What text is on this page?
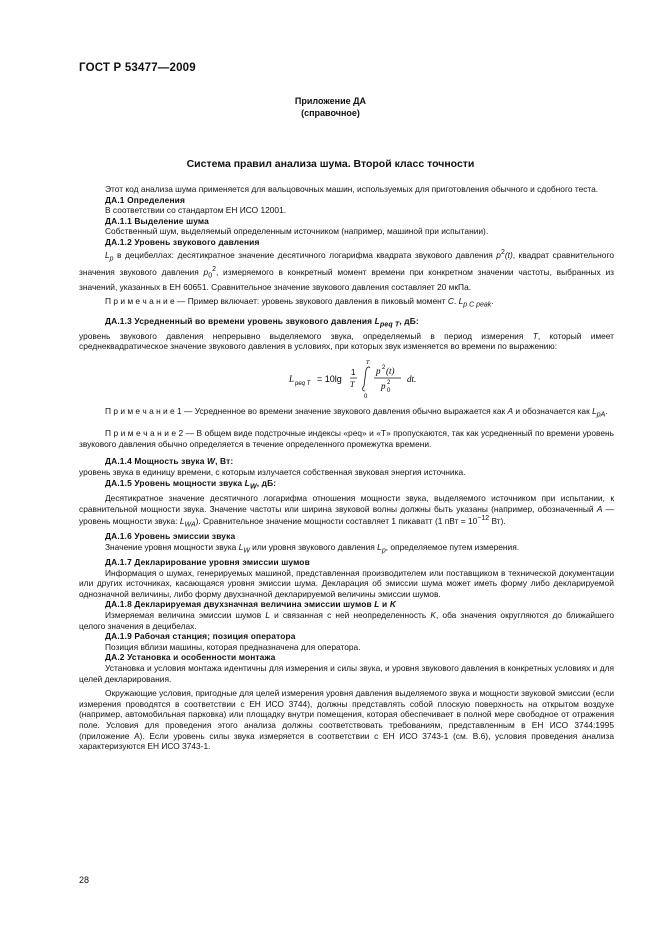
ГОСТ Р 53477—2009
Приложение ДА
(справочное)
Система правил анализа шума. Второй класс точности

Этот код анализа шума применяется для вальцовочных машин, используемых для приготовления обычного и сдобного теста.

ДА.1 Определения

В соответствии со стандартом ЕН ИСО 12001.

ДА.1.1 Выделение шума

Собственный шум, выделяемый определенным источником (например, машиной при испытании).

ДА.1.2 Уровень звукового давления

$L_p$ в децибеллах: десятикратное значение десятичного логарифма квадрата звукового давления $p^2(t)$, квадрат сравнительного значения звукового давления $p_0^2$, измеряемого в конкретный момент времени при конкретном значении частоты, выбранных из значений, указанных в ЕН 60651. Сравнительное значение звукового давления составляет 20 мкПа.

П р и м е ч а н и е — Пример включает: уровень звукового давления в пиковый момент C. $L_{p C peak}$.

ДА.1.3 Усредненный во времени уровень звукового давления $L_{peq T}$, дБ:

уровень звукового давления непрерывно выделяемого звука, определяемый в период измерения T, который имеет среднеквадратическое значение звукового давления в условиях, при которых звук изменяется во времени по выражению:

L peq T = 10lg
1
T
T
0
p 2 (t)
p 2
0
dt.

П р и м е ч а н и е 1 — Усредненное во времени значение звукового давления обычно выражается как A и обозначается как $L_{pA}$.

П р и м е ч а н и е 2 — В общем виде подстрочные индексы «peq» и «T» пропускаются, так как усредненный по времени уровень звукового давления обычно определяется в течение определенного промежутка времени.

ДА.1.4 Мощность звука W, Вт:

уровень звука в единицу времени, с которым излучается собственная звуковая энергия источника.

ДА.1.5 Уровень мощности звука $L_W$, дБ:

Десятикратное значение десятичного логарифма отношения мощности звука, выделяемого источником при испытании, к сравнительной мощности звука. Значение частоты или ширина звуковой волны должны быть указаны (например, обозначенный A — уровень мощности звука: $L_{WA}$). Сравнительное значение мощности составляет 1 пикаватт (1 пВт = $10^{-12}$ Вт).

ДА.1.6 Уровень эмиссии звука

Значение уровня мощности звука $L_W$ или уровня звукового давления $L_p$, определяемое путем измерения.

ДА.1.7 Декларирование уровня эмиссии шумов

Информация о шумах, генерируемых машиной, представленная производителем или поставщиком в технической документации или других источниках, касающаяся уровня эмиссии шума. Декларация об эмиссии шума может иметь форму либо декларируемой однозначной величины, либо форму двухзначной декларируемой величины эмиссии шумов.

ДА.1.8 Декларируемая двухзначная величина эмиссии шумов L и K

Измеряемая величина эмиссии шумов L и связанная с ней неопределенность K, оба значения округляются до ближайшего целого значения в децибелах.

ДА.1.9 Рабочая станция; позиция оператора

Позиция вблизи машины, которая предназначена для оператора.

ДА.2 Установка и особенности монтажа

Установка и условия монтажа идентичны для измерения и силы звука, и уровня звукового давления в конкретных условиях и для целей декларирования.

Окружающие условия, пригодные для целей измерения уровня давления выделяемого звука и мощности звуковой эмиссии (если измерения проводятся в соответствии с ЕН ИСО 3744), должны представлять собой плоскую поверхность на открытом воздухе (например, автомобильная парковка) или площадку внутри помещения, которая обеспечивает в полной мере свободное от отражения поле. Условия для проведения этого анализа должны соответствовать требованиям, представленным в ЕН ИСО 3744:1995 (приложение А). Если уровень силы звука измеряется в соответствии с ЕН ИСО 3743-1 (см. В.6), условия проведения анализа характеризуются ЕН ИСО 3743-1.

28
